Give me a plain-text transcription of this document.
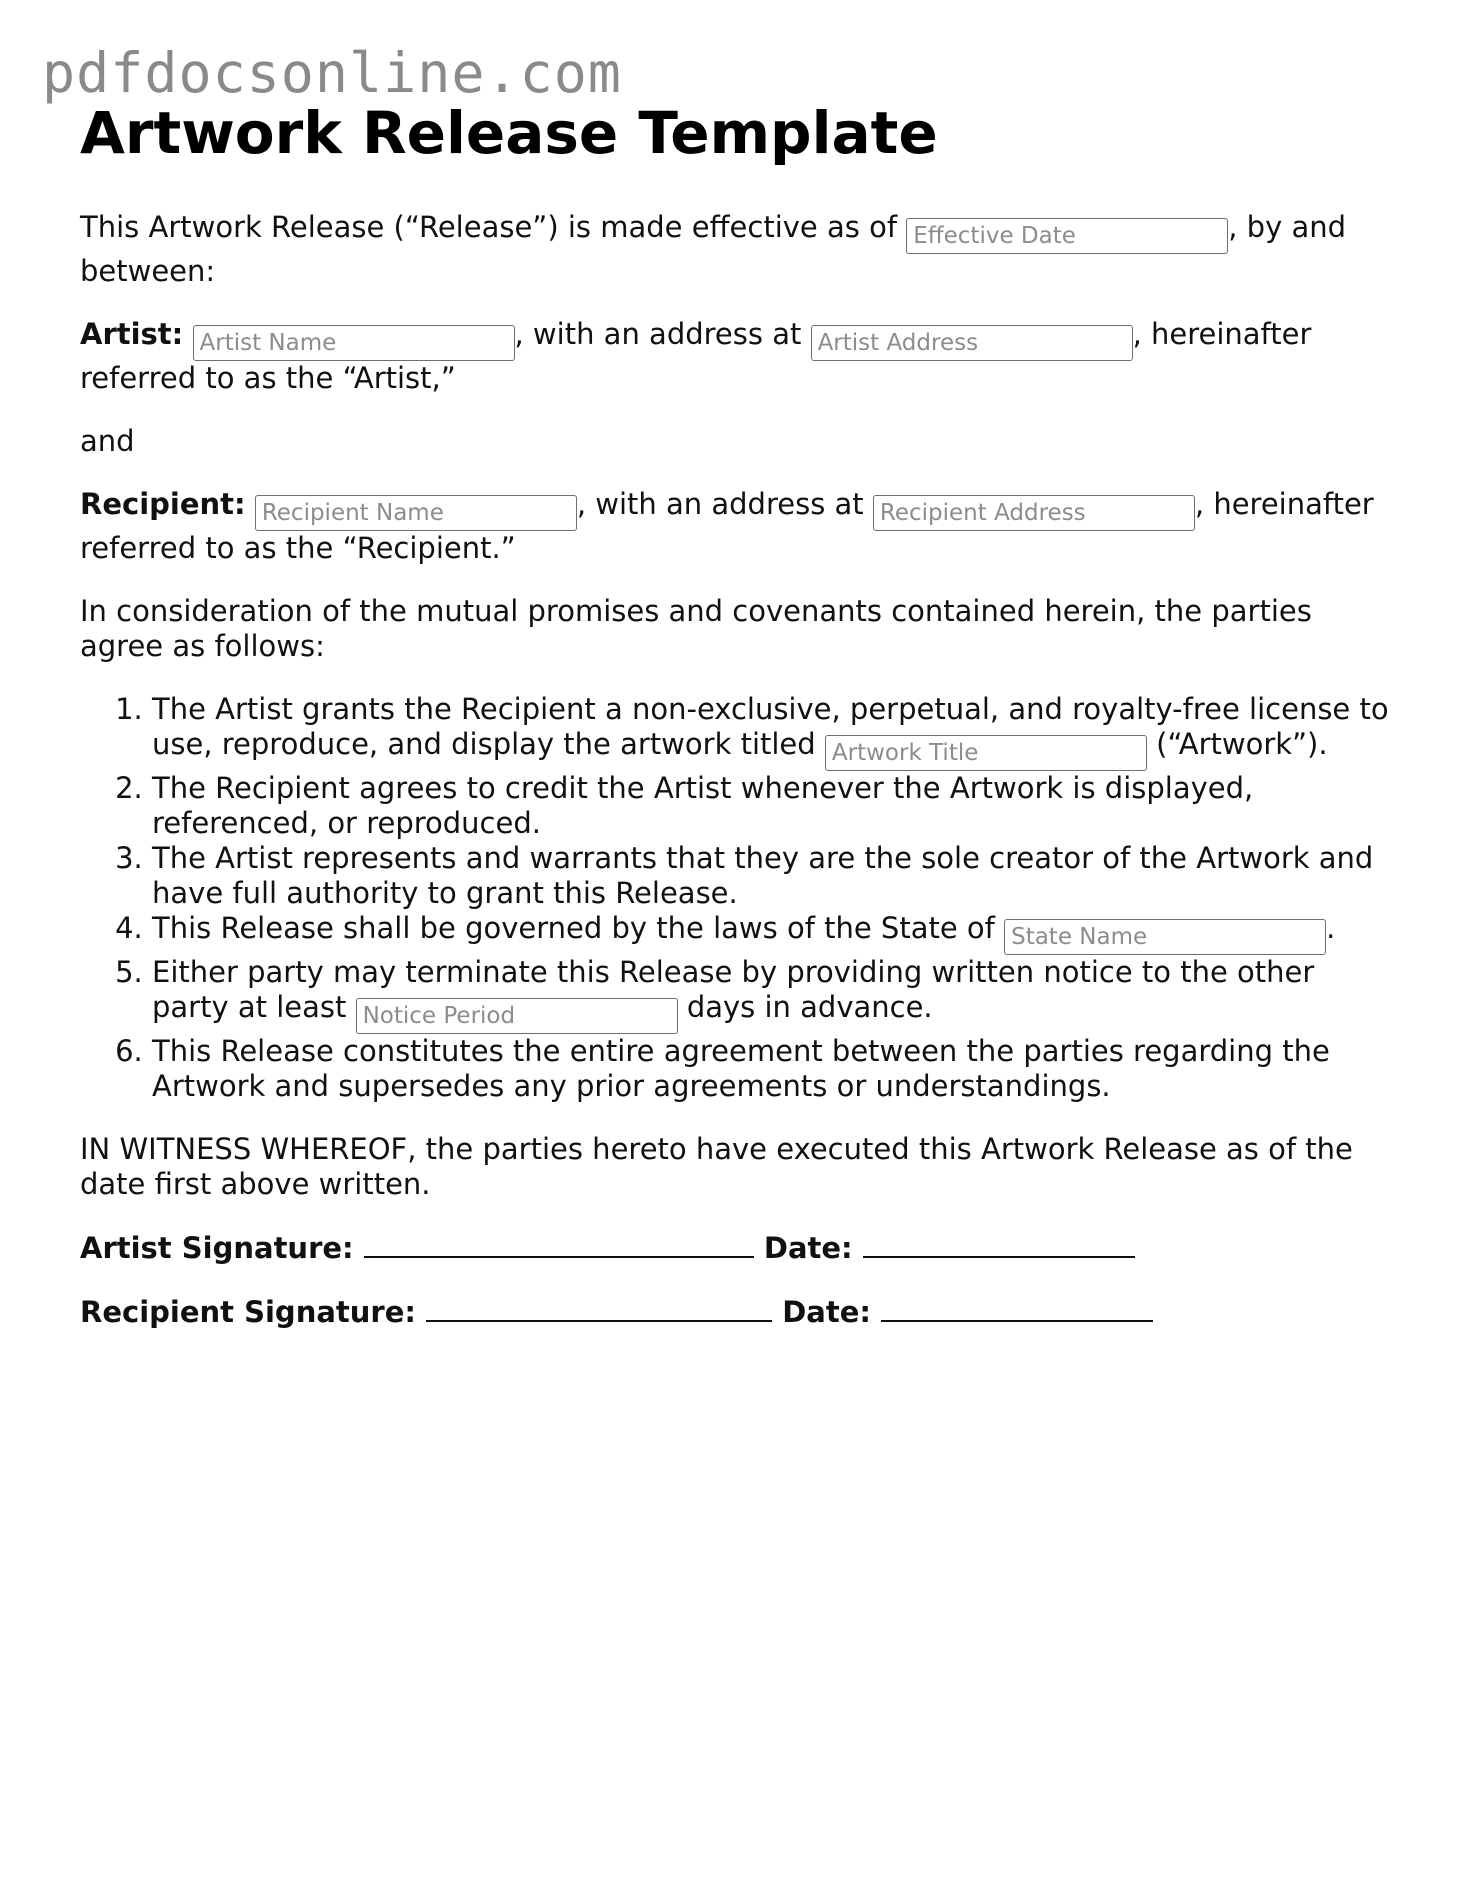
pdfdocsonline.com
Artwork Release Template

This Artwork Release (“Release”) is made effective as of Effective Date	, by and between:

Artist: Artist Name	, with an address at Artist Address	, hereinafter referred to as the “Artist,”

and

Recipient: Recipient Name	, with an address at Recipient Address	, hereinafter referred to as the “Recipient.”

In consideration of the mutual promises and covenants contained herein, the parties agree as follows:

1. The Artist grants the Recipient a non-exclusive, perpetual, and royalty-free license to use, reproduce, and display the artwork titled Artwork Title	(“Artwork”).
2. The Recipient agrees to credit the Artist whenever the Artwork is displayed, referenced, or reproduced.
3. The Artist represents and warrants that they are the sole creator of the Artwork and have full authority to grant this Release.
4. This Release shall be governed by the laws of the State of State Name	.
5. Either party may terminate this Release by providing written notice to the other party at least Notice Period	days in advance.
6. This Release constitutes the entire agreement between the parties regarding the Artwork and supersedes any prior agreements or understandings.

IN WITNESS WHEREOF, the parties hereto have executed this Artwork Release as of the date first above written.

Artist Signature:	Date:

Recipient Signature:	Date:
